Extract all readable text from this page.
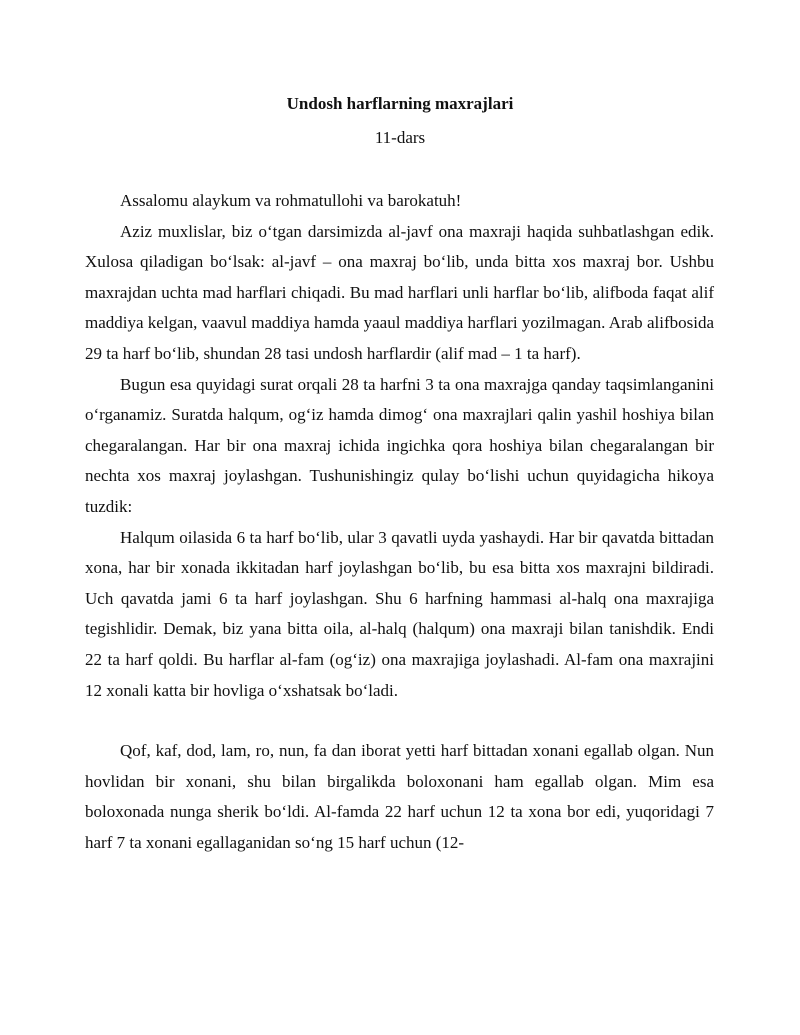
Undosh harflarning maxrajlari
11-dars

Assalomu alaykum va rohmatullohi va barokatuh!

Aziz muxlislar, biz o‘tgan darsimizda al-javf ona maxraji haqida suhbatlashgan edik. Xulosa qiladigan bo‘lsak: al-javf – ona maxraj bo‘lib, unda bitta xos maxraj bor. Ushbu maxrajdan uchta mad harflari chiqadi. Bu mad harflari unli harflar bo‘lib, alifboda faqat alif maddiya kelgan, vaavul maddiya hamda yaaul maddiya harflari yozilmagan. Arab alifbosida 29 ta harf bo‘lib, shundan 28 tasi undosh harflardir (alif mad – 1 ta harf).

Bugun esa quyidagi surat orqali 28 ta harfni 3 ta ona maxrajga qanday taqsimlanganini o‘rganamiz. Suratda halqum, og‘iz hamda dimog‘ ona maxrajlari qalin yashil hoshiya bilan chegaralangan. Har bir ona maxraj ichida ingichka qora hoshiya bilan chegaralangan bir nechta xos maxraj joylashgan. Tushunishingiz qulay bo‘lishi uchun quyidagicha hikoya tuzdik:

Halqum oilasida 6 ta harf bo‘lib, ular 3 qavatli uyda yashaydi. Har bir qavatda bittadan xona, har bir xonada ikkitadan harf joylashgan bo‘lib, bu esa bitta xos maxrajni bildiradi. Uch qavatda jami 6 ta harf joylashgan. Shu 6 harfning hammasi al-halq ona maxrajiga tegishlidir. Demak, biz yana bitta oila, al-halq (halqum) ona maxraji bilan tanishdik. Endi 22 ta harf qoldi. Bu harflar al-fam (og‘iz) ona maxrajiga joylashadi. Al-fam ona maxrajini 12 xonali katta bir hovliga o‘xshatsak bo‘ladi.

Qof, kaf, dod, lam, ro, nun, fa dan iborat yetti harf bittadan xonani egallab olgan. Nun hovlidan bir xonani, shu bilan birgalikda boloxonani ham egallab olgan. Mim esa boloxonada nunga sherik bo‘ldi. Al-famda 22 harf uchun 12 ta xona bor edi, yuqoridagi 7 harf 7 ta xonani egallaganidan so‘ng 15 harf uchun (12-
